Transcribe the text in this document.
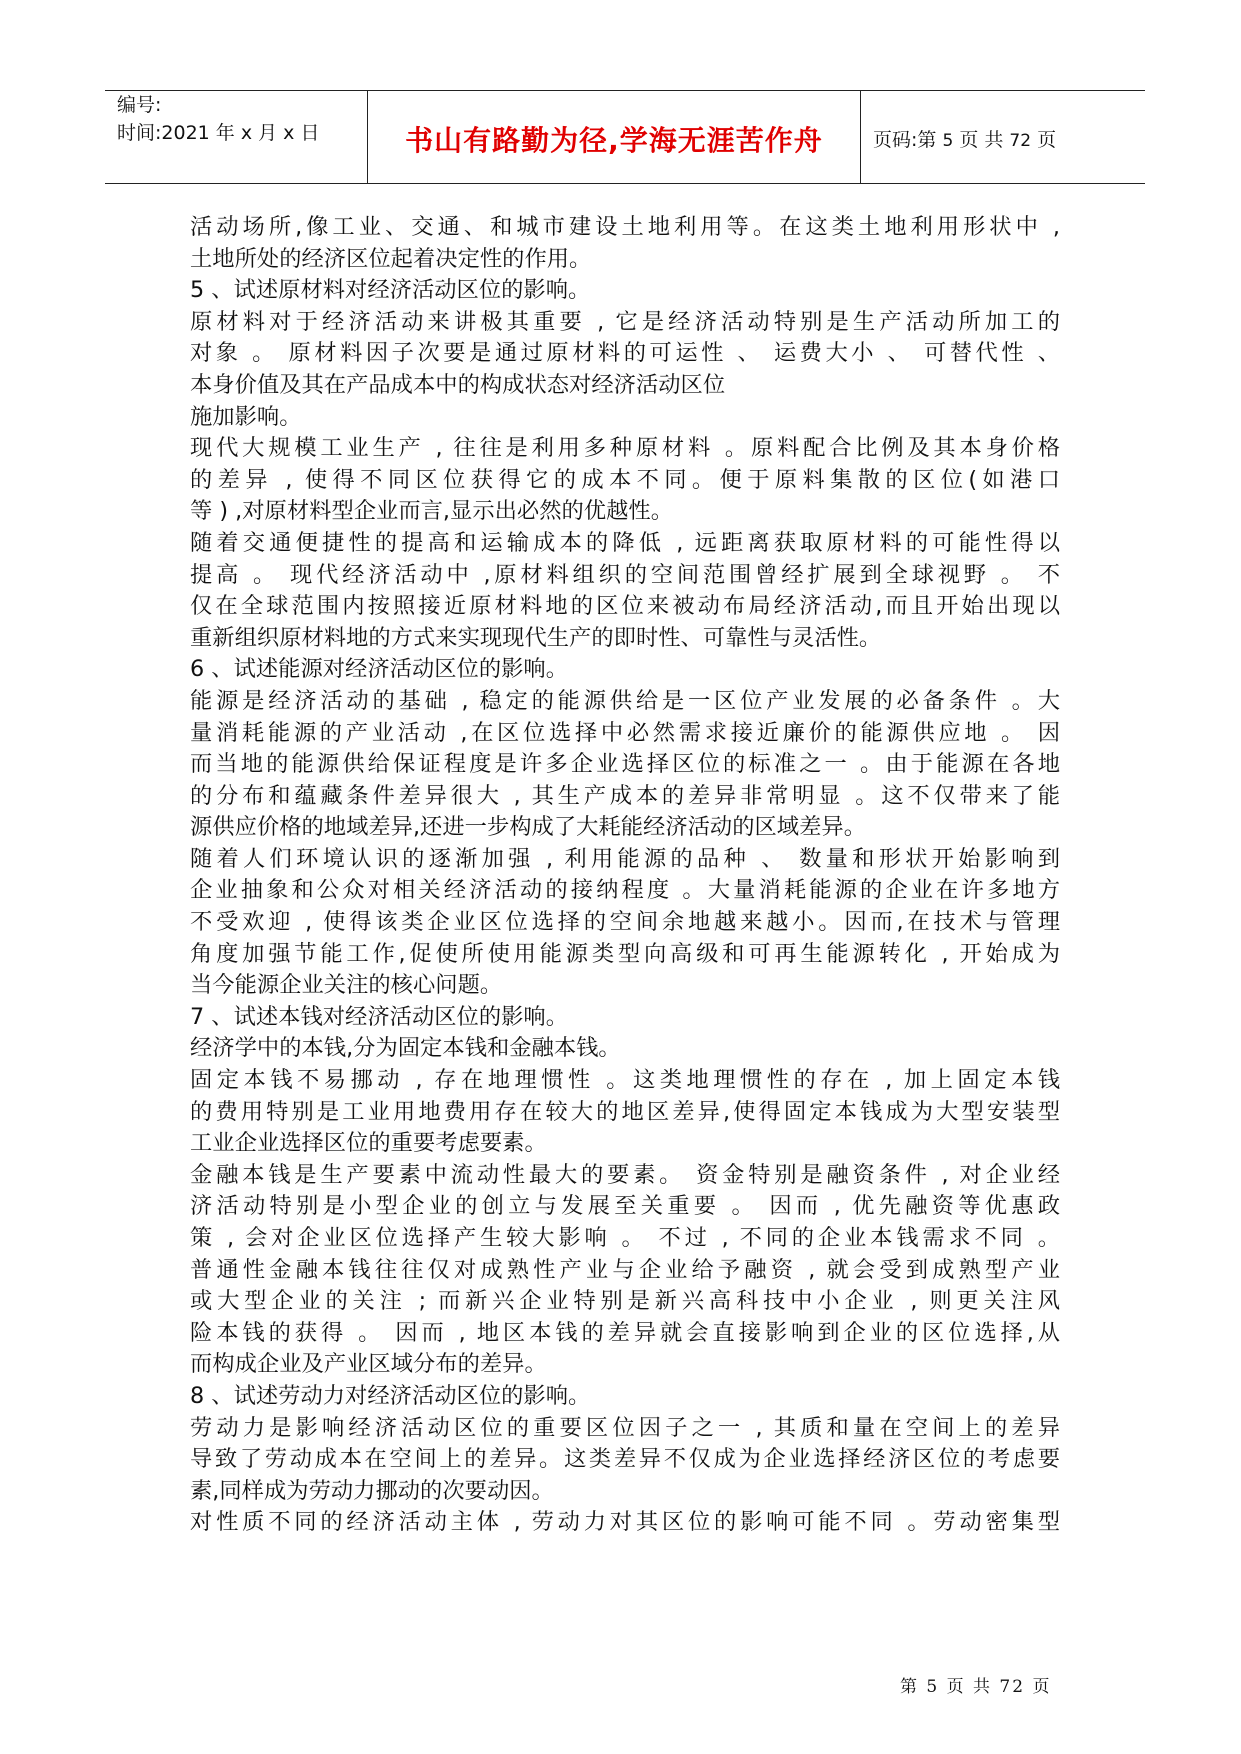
编号:
时间:2021 年 x 月 x 日	书山有路勤为径,学海无涯苦作舟	页码:第 5 页 共 72 页
活动场所,像工业、交通、和城市建设土地利用等。在这类土地利用形状中 ,
土地所处的经济区位起着决定性的作用。
5 、试述原材料对经济活动区位的影响。
原材料对于经济活动来讲极其重要 , 它是经济活动特别是生产活动所加工的
对象 。 原材料因子次要是通过原材料的可运性 、 运费大小 、 可替代性 、
本身价值及其在产品成本中的构成状态对经济活动区位
施加影响。
现代大规模工业生产 , 往往是利用多种原材料 。原料配合比例及其本身价格
的差异 , 使得不同区位获得它的成本不同。便于原料集散的区位(如港口
等 ) ,对原材料型企业而言,显示出必然的优越性。
随着交通便捷性的提高和运输成本的降低 , 远距离获取原材料的可能性得以
提高 。 现代经济活动中 ,原材料组织的空间范围曾经扩展到全球视野 。 不
仅在全球范围内按照接近原材料地的区位来被动布局经济活动,而且开始出现以
重新组织原材料地的方式来实现现代生产的即时性、可靠性与灵活性。
6 、试述能源对经济活动区位的影响。
能源是经济活动的基础 , 稳定的能源供给是一区位产业发展的必备条件 。大
量消耗能源的产业活动 ,在区位选择中必然需求接近廉价的能源供应地 。 因
而当地的能源供给保证程度是许多企业选择区位的标准之一 。由于能源在各地
的分布和蕴藏条件差异很大 , 其生产成本的差异非常明显 。这不仅带来了能
源供应价格的地域差异,还进一步构成了大耗能经济活动的区域差异。
随着人们环境认识的逐渐加强 , 利用能源的品种 、 数量和形状开始影响到
企业抽象和公众对相关经济活动的接纳程度 。大量消耗能源的企业在许多地方
不受欢迎 , 使得该类企业区位选择的空间余地越来越小。因而,在技术与管理
角度加强节能工作,促使所使用能源类型向高级和可再生能源转化 , 开始成为
当今能源企业关注的核心问题。
7 、试述本钱对经济活动区位的影响。
经济学中的本钱,分为固定本钱和金融本钱。
固定本钱不易挪动 , 存在地理惯性 。这类地理惯性的存在 , 加上固定本钱
的费用特别是工业用地费用存在较大的地区差异,使得固定本钱成为大型安装型
工业企业选择区位的重要考虑要素。
金融本钱是生产要素中流动性最大的要素。 资金特别是融资条件 , 对企业经
济活动特别是小型企业的创立与发展至关重要 。 因而 , 优先融资等优惠政
策 , 会对企业区位选择产生较大影响 。 不过 , 不同的企业本钱需求不同 。
普通性金融本钱往往仅对成熟性产业与企业给予融资 , 就会受到成熟型产业
或大型企业的关注 ; 而新兴企业特别是新兴高科技中小企业 , 则更关注风
险本钱的获得 。 因而 , 地区本钱的差异就会直接影响到企业的区位选择,从
而构成企业及产业区域分布的差异。
8 、试述劳动力对经济活动区位的影响。
劳动力是影响经济活动区位的重要区位因子之一 , 其质和量在空间上的差异
导致了劳动成本在空间上的差异。这类差异不仅成为企业选择经济区位的考虑要
素,同样成为劳动力挪动的次要动因。
对性质不同的经济活动主体 , 劳动力对其区位的影响可能不同 。劳动密集型
第 5 页 共 72 页
